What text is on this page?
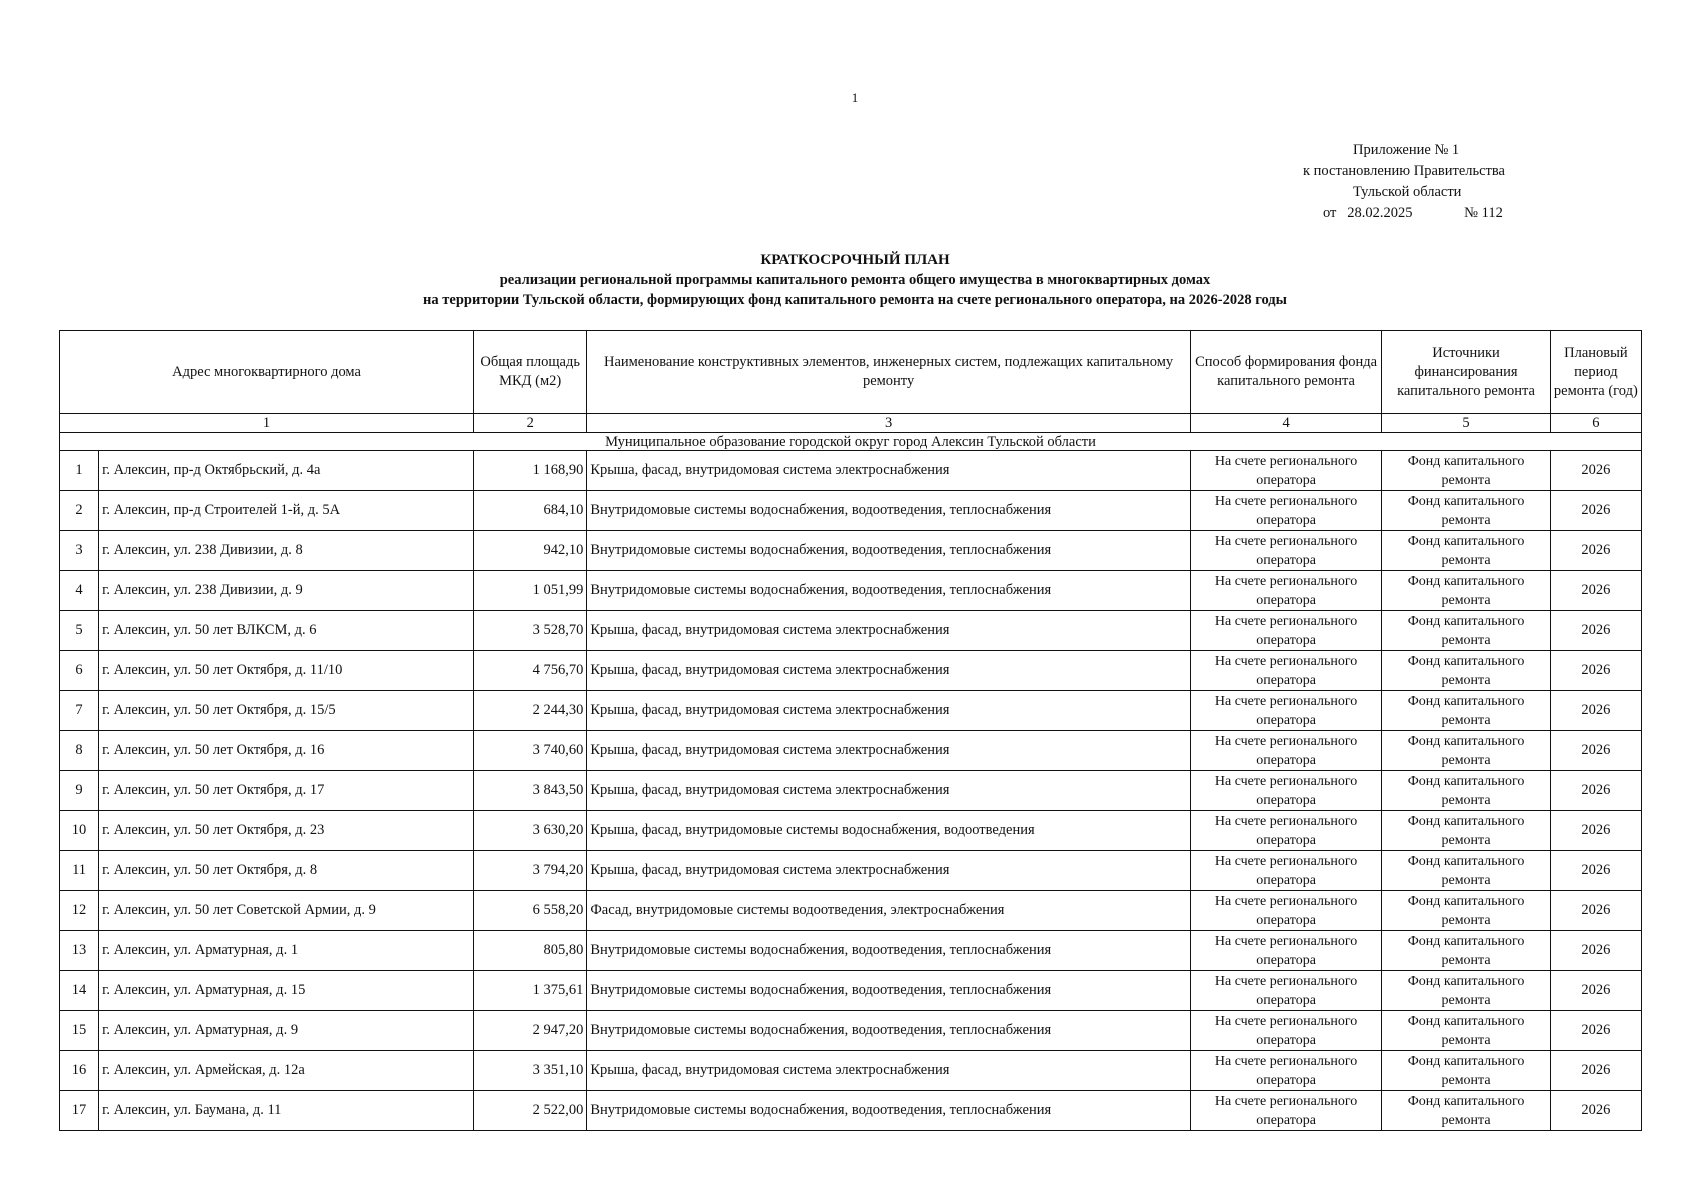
1
Приложение № 1
к постановлению Правительства
Тульской области
от 28.02.2025	№ 112
КРАТКОСРОЧНЫЙ ПЛАН
реализации региональной программы капитального ремонта общего имущества в многоквартирных домах
на территории Тульской области, формирующих фонд капитального ремонта на счете регионального оператора, на 2026-2028 годы
Адрес многоквартирного дома		Общая площадь МКД (м2)	Наименование конструктивных элементов, инженерных систем, подлежащих капитальному ремонту	Способ формирования фонда капитального ремонта	Источники финансирования капитального ремонта	Плановый период ремонта (год)
1		2	3	4	5	6
Муниципальное образование городской округ город Алексин Тульской области						
1	г. Алексин, пр-д Октябрьский, д. 4а	1 168,90	Крыша, фасад, внутридомовая система электроснабжения	На счете регионального оператора	Фонд капитального ремонта	2026
2	г. Алексин, пр-д Строителей 1-й, д. 5А	684,10	Внутридомовые системы водоснабжения, водоотведения, теплоснабжения	На счете регионального оператора	Фонд капитального ремонта	2026
3	г. Алексин, ул. 238 Дивизии, д. 8	942,10	Внутридомовые системы водоснабжения, водоотведения, теплоснабжения	На счете регионального оператора	Фонд капитального ремонта	2026
4	г. Алексин, ул. 238 Дивизии, д. 9	1 051,99	Внутридомовые системы водоснабжения, водоотведения, теплоснабжения	На счете регионального оператора	Фонд капитального ремонта	2026
5	г. Алексин, ул. 50 лет ВЛКСМ, д. 6	3 528,70	Крыша, фасад, внутридомовая система электроснабжения	На счете регионального оператора	Фонд капитального ремонта	2026
6	г. Алексин, ул. 50 лет Октября, д. 11/10	4 756,70	Крыша, фасад, внутридомовая система электроснабжения	На счете регионального оператора	Фонд капитального ремонта	2026
7	г. Алексин, ул. 50 лет Октября, д. 15/5	2 244,30	Крыша, фасад, внутридомовая система электроснабжения	На счете регионального оператора	Фонд капитального ремонта	2026
8	г. Алексин, ул. 50 лет Октября, д. 16	3 740,60	Крыша, фасад, внутридомовая система электроснабжения	На счете регионального оператора	Фонд капитального ремонта	2026
9	г. Алексин, ул. 50 лет Октября, д. 17	3 843,50	Крыша, фасад, внутридомовая система электроснабжения	На счете регионального оператора	Фонд капитального ремонта	2026
10	г. Алексин, ул. 50 лет Октября, д. 23	3 630,20	Крыша, фасад, внутридомовые системы водоснабжения, водоотведения	На счете регионального оператора	Фонд капитального ремонта	2026
11	г. Алексин, ул. 50 лет Октября, д. 8	3 794,20	Крыша, фасад, внутридомовая система электроснабжения	На счете регионального оператора	Фонд капитального ремонта	2026
12	г. Алексин, ул. 50 лет Советской Армии, д. 9	6 558,20	Фасад, внутридомовые системы водоотведения, электроснабжения	На счете регионального оператора	Фонд капитального ремонта	2026
13	г. Алексин, ул. Арматурная, д. 1	805,80	Внутридомовые системы водоснабжения, водоотведения, теплоснабжения	На счете регионального оператора	Фонд капитального ремонта	2026
14	г. Алексин, ул. Арматурная, д. 15	1 375,61	Внутридомовые системы водоснабжения, водоотведения, теплоснабжения	На счете регионального оператора	Фонд капитального ремонта	2026
15	г. Алексин, ул. Арматурная, д. 9	2 947,20	Внутридомовые системы водоснабжения, водоотведения, теплоснабжения	На счете регионального оператора	Фонд капитального ремонта	2026
16	г. Алексин, ул. Армейская, д. 12а	3 351,10	Крыша, фасад, внутридомовая система электроснабжения	На счете регионального оператора	Фонд капитального ремонта	2026
17	г. Алексин, ул. Баумана, д. 11	2 522,00	Внутридомовые системы водоснабжения, водоотведения, теплоснабжения	На счете регионального оператора	Фонд капитального ремонта	2026
